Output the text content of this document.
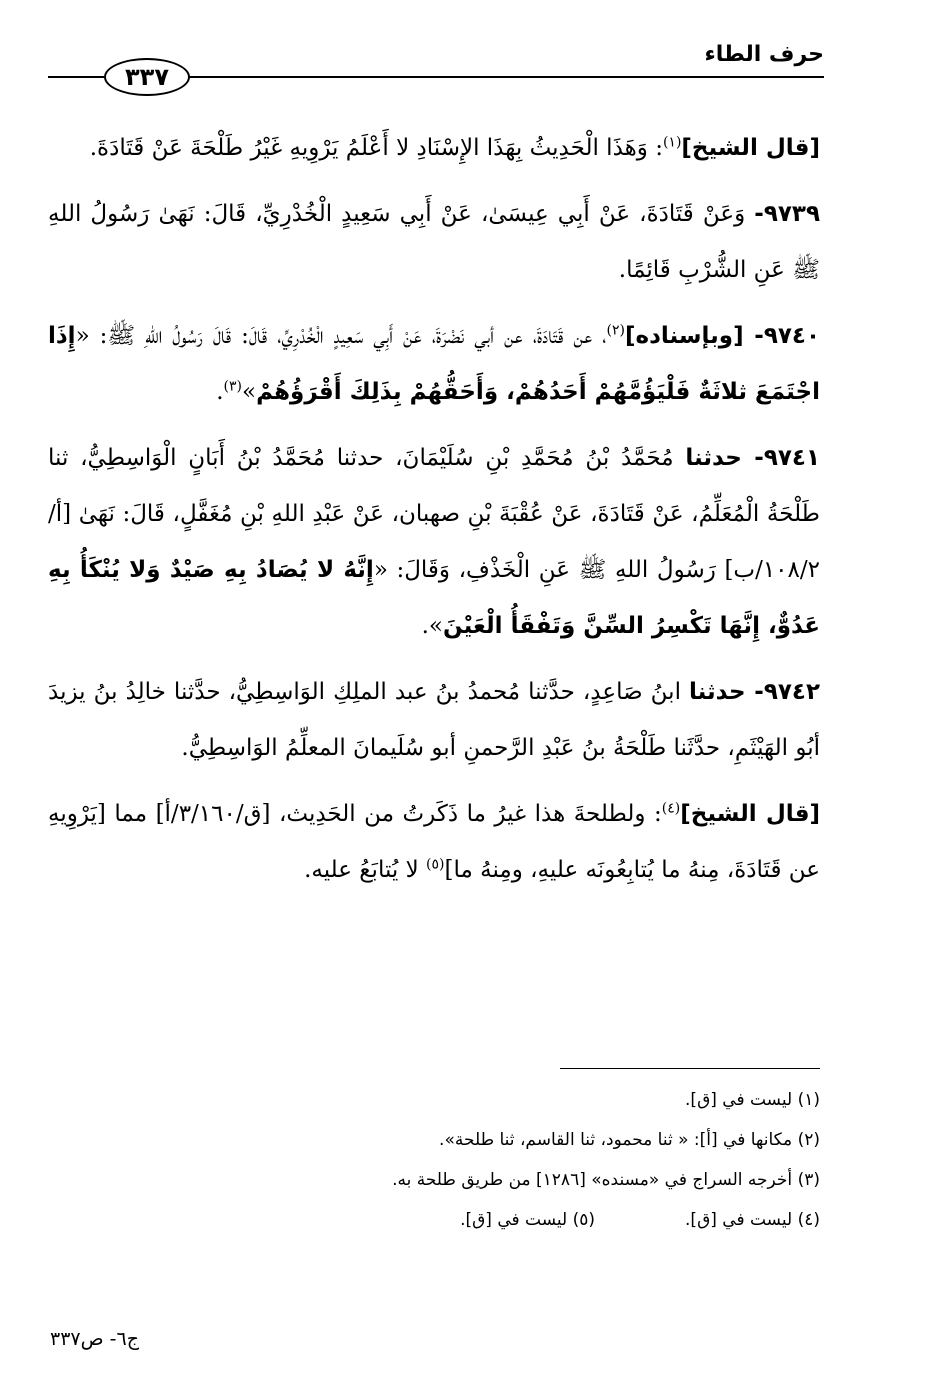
حرف الطاء
٣٣٧

[قال الشيخ]$^{(١)}$: وَهَذَا الْحَدِيثُ بِهَذَا الإِسْنَادِ لا أَعْلَمُ يَرْوِيهِ غَيْرُ طَلْحَةَ عَنْ قَتَادَةَ.

٩٧٣٩- وَعَنْ قَتَادَةَ، عَنْ أَبِي عِيسَىٰ، عَنْ أَبِي سَعِيدٍ الْخُدْرِيِّ، قَالَ: نَهَىٰ رَسُولُ اللهِ ﷺ عَنِ الشُّرْبِ قَائِمًا.

٩٧٤٠- [وبإسناده]$^{(٢)}$، عن قَتَادَةَ، عن أبي نَضْرَةَ، عَنْ أَبِي سَعِيدٍ الْخُدْرِيِّ، قَالَ: قَالَ رَسُولُ اللهِ ﷺ: «إِذَا اجْتَمَعَ ثلاثَةٌ فَلْيَؤُمَّهُمْ أَحَدُهُمْ، وَأَحَقُّهُمْ بِذَلِكَ أَقْرَؤُهُمْ»$^{(٣)}$.

٩٧٤١- حدثنا مُحَمَّدُ بْنُ مُحَمَّدِ بْنِ سُلَيْمَانَ، حدثنا مُحَمَّدُ بْنُ أَبَانٍ الْوَاسِطِيُّ، ثنا طَلْحَةُ الْمُعَلِّمُ، عَنْ قَتَادَةَ، عَنْ عُقْبَةَ بْنِ صهبان، عَنْ عَبْدِ اللهِ بْنِ مُغَفَّلٍ، قَالَ: نَهَىٰ [أ/١٠٨/٢/ب] رَسُولُ اللهِ ﷺ عَنِ الْخَذْفِ، وَقَالَ: «إِنَّهُ لا يُصَادُ بِهِ صَيْدٌ وَلا يُنْكَأُ بِهِ عَدُوٌّ، إِنَّهَا تَكْسِرُ السِّنَّ وَتَفْقَأُ الْعَيْنَ».

٩٧٤٢- حدثنا ابنُ صَاعِدٍ، حدَّثنا مُحمدُ بنُ عبد الملِكِ الوَاسِطِيُّ، حدَّثنا خالِدُ بنُ يزيدَ أبُو الهَيْثَمِ، حدَّثَنا طَلْحَةُ بنُ عَبْدِ الرَّحمنِ أبو سُلَيمانَ المعلِّمُ الوَاسِطِيُّ.

[قال الشيخ]$^{(٤)}$: ولطلحةَ هذا غيرُ ما ذَكَرتُ من الحَدِيث، [ق/٣/١٦٠/أ] مما [يَرْوِيهِ عن قَتَادَةَ، مِنهُ ما يُتابِعُونَه عليهِ، ومِنهُ ما]$^{(٥)}$ لا يُتابَعُ عليه.

(١) ليست في [ق].

(٢) مكانها في [أ]: « ثنا محمود، ثنا القاسم، ثنا طلحة».

(٣) أخرجه السراج في «مسنده» [١٢٨٦] من طريق طلحة به.

(٤) ليست في [ق].
(٥) ليست في [ق].
ج٦- ص٣٣٧
